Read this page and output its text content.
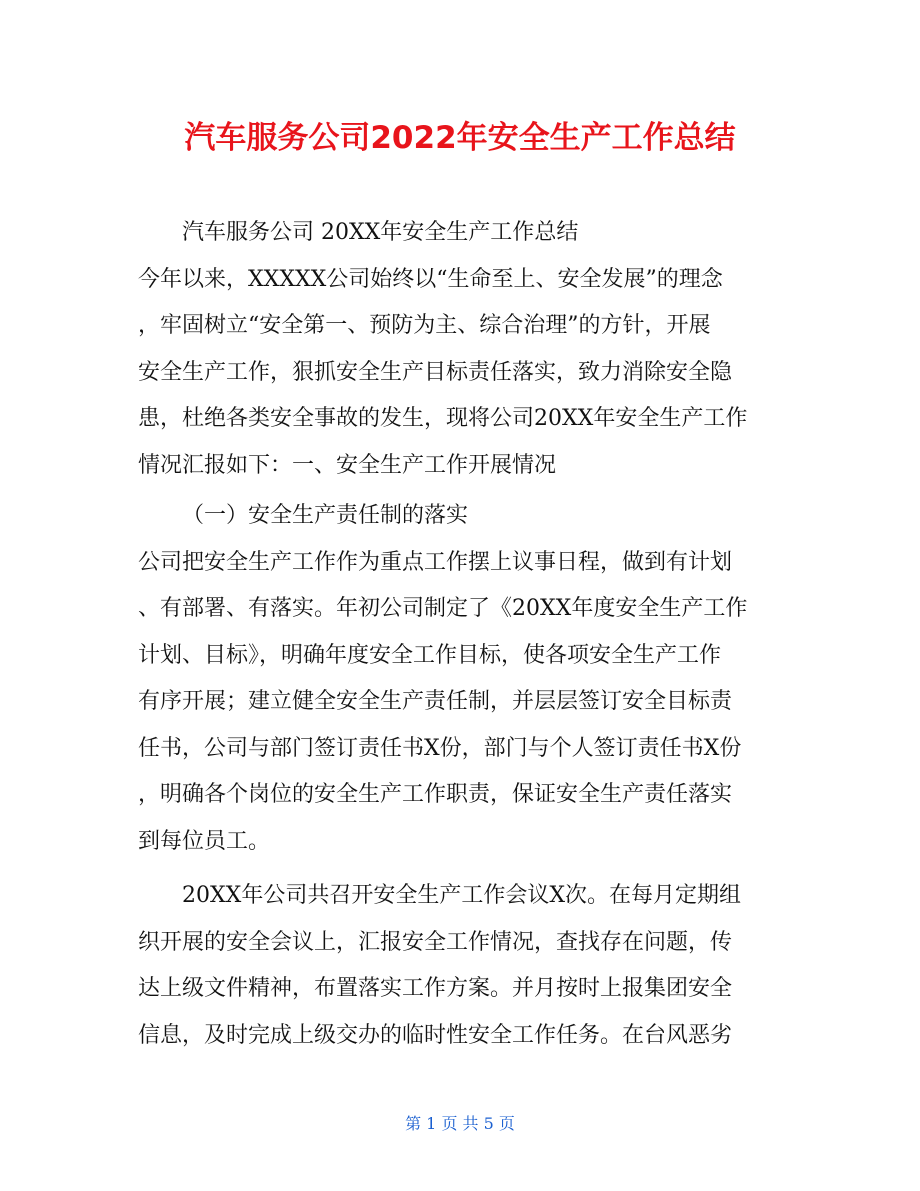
汽车服务公司2022年安全生产工作总结
汽车服务公司 20XX年安全生产工作总结
今年以来，XXXXX公司始终以“生命至上、安全发展”的理念
，牢固树立“安全第一、预防为主、综合治理”的方针，开展
安全生产工作，狠抓安全生产目标责任落实，致力消除安全隐
患，杜绝各类安全事故的发生，现将公司20XX年安全生产工作
情况汇报如下：一、安全生产工作开展情况
（一）安全生产责任制的落实
公司把安全生产工作作为重点工作摆上议事日程，做到有计划
、有部署、有落实。年初公司制定了《20XX年度安全生产工作
计划、目标》，明确年度安全工作目标，使各项安全生产工作
有序开展；建立健全安全生产责任制，并层层签订安全目标责
任书，公司与部门签订责任书X份，部门与个人签订责任书X份
，明确各个岗位的安全生产工作职责，保证安全生产责任落实
到每位员工。
20XX年公司共召开安全生产工作会议X次。在每月定期组
织开展的安全会议上，汇报安全工作情况，查找存在问题，传
达上级文件精神，布置落实工作方案。并月按时上报集团安全
信息，及时完成上级交办的临时性安全工作任务。在台风恶劣
第 1 页 共 5 页
